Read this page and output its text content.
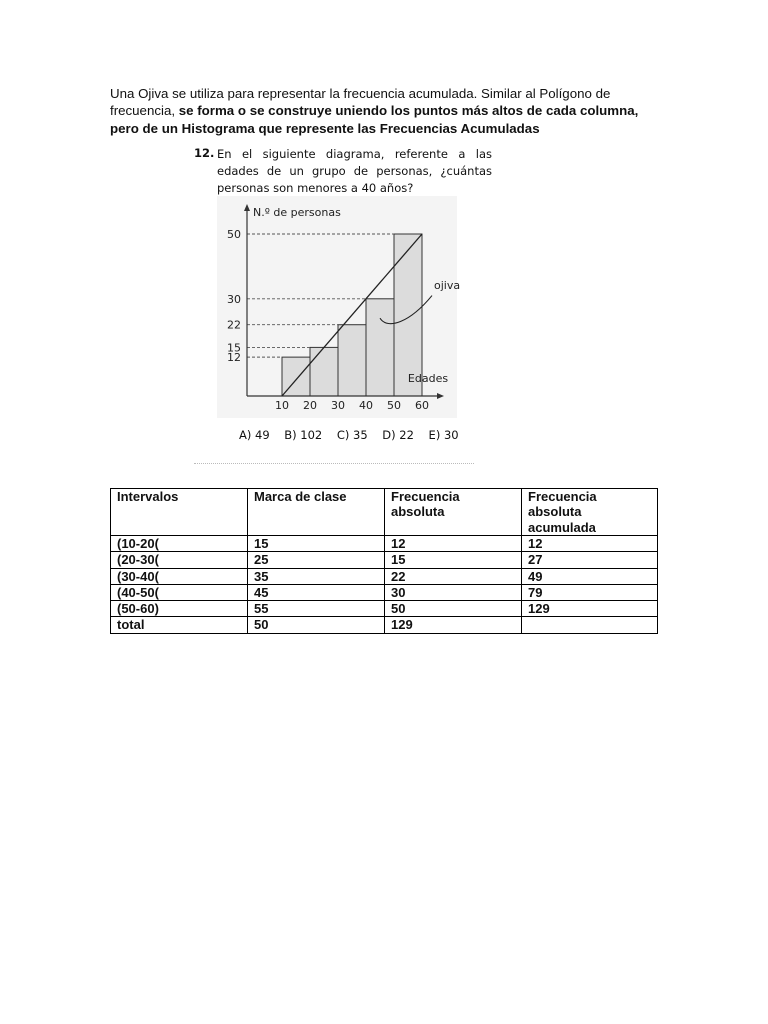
Una Ojiva se utiliza para representar la frecuencia acumulada. Similar al Polígono de frecuencia, se forma o se construye uniendo los puntos más altos de cada columna, pero de un Histograma que represente las Frecuencias Acumuladas
12. En el siguiente diagrama, referente a las edades de un grupo de personas, ¿cuántas personas son menores a 40 años?
12
15
22
30
50
10 20 30 40 50 60
N.º de personas
Edades
ojiva
A) 49    B) 102    C) 35    D) 22    E) 30
Intervalos	Marca de clase	Frecuencia absoluta	Frecuencia absoluta acumulada
(10-20(	15	12	12
(20-30(	25	15	27
(30-40(	35	22	49
(40-50(	45	30	79
(50-60)	55	50	129
total	50	129	
